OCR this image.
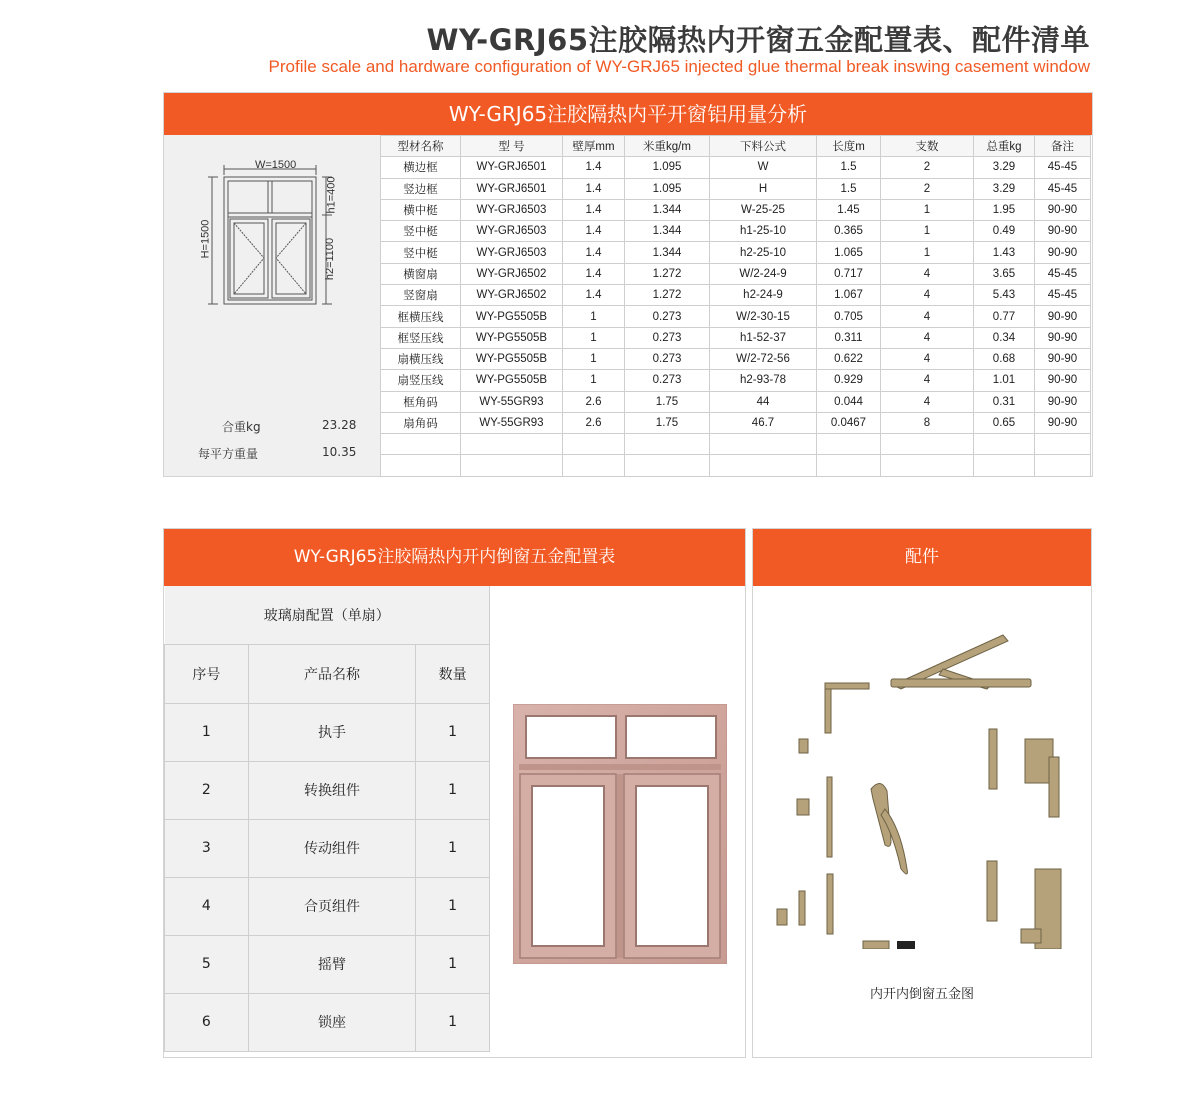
WY-GRJ65注胶隔热内开窗五金配置表、配件清单
Profile scale and hardware configuration of WY-GRJ65 injected glue thermal break inswing casement window
WY-GRJ65注胶隔热内平开窗铝用量分析
W=1500
H=1500
h1=400
h2=1100
合重kg	23.28
每平方重量	10.35
型材名称	型 号	壁厚mm	米重kg/m	下料公式	长度m	支数	总重kg	备注
横边框	WY-GRJ6501	1.4	1.095	W	1.5	2	3.29	45-45
竖边框	WY-GRJ6501	1.4	1.095	H	1.5	2	3.29	45-45
横中梃	WY-GRJ6503	1.4	1.344	W-25-25	1.45	1	1.95	90-90
竖中梃	WY-GRJ6503	1.4	1.344	h1-25-10	0.365	1	0.49	90-90
竖中梃	WY-GRJ6503	1.4	1.344	h2-25-10	1.065	1	1.43	90-90
横窗扇	WY-GRJ6502	1.4	1.272	W/2-24-9	0.717	4	3.65	45-45
竖窗扇	WY-GRJ6502	1.4	1.272	h2-24-9	1.067	4	5.43	45-45
框横压线	WY-PG5505B	1	0.273	W/2-30-15	0.705	4	0.77	90-90
框竖压线	WY-PG5505B	1	0.273	h1-52-37	0.311	4	0.34	90-90
扇横压线	WY-PG5505B	1	0.273	W/2-72-56	0.622	4	0.68	90-90
扇竖压线	WY-PG5505B	1	0.273	h2-93-78	0.929	4	1.01	90-90
框角码	WY-55GR93	2.6	1.75	44	0.044	4	0.31	90-90
扇角码	WY-55GR93	2.6	1.75	46.7	0.0467	8	0.65	90-90

WY-GRJ65注胶隔热内开内倒窗五金配置表
玻璃扇配置（单扇）		
序号	产品名称	数量
1	执手	1
2	转换组件	1
3	传动组件	1
4	合页组件	1
5	摇臂	1
6	锁座	1
配件
内开内倒窗五金图
